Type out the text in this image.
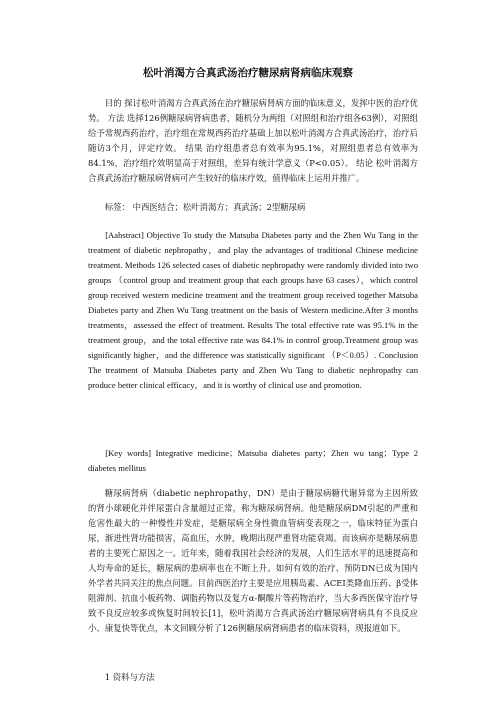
松叶消渴方合真武汤治疗糖尿病肾病临床观察
目的 探讨松叶消渴方合真武汤在治疗糖尿病肾病方面的临床意义，发挥中医的治疗优势。 方法 选择126例糖尿病肾病患者，随机分为两组（对照组和治疗组各63例），对照组给予常规西药治疗，治疗组在常规西药治疗基础上加以松叶消渴方合真武汤治疗，治疗后随访3个月，评定疗效。 结果 治疗组患者总有效率为95.1%，对照组患者总有效率为84.1%，治疗组疗效明显高于对照组，差异有统计学意义（P<0.05）。 结论 松叶消渴方合真武汤治疗糖尿病肾病可产生较好的临床疗效，值得临床上运用并推广。
标签： 中西医结合；松叶消渴方；真武汤；2型糖尿病
[Aabstract] Objective To study the Matsuba Diabetes party and the Zhen Wu Tang in the treatment of diabetic nephropathy，and play the advantages of traditional Chinese medicine treatment. Methods 126 selected cases of diabetic nephropathy were randomly divided into two groups （control group and treatment group that each groups have 63 cases），which control group received western medicine treatment and the treatment group received together Matsuba Diabetes party and Zhen Wu Tang treatment on the basis of Western medicine.After 3 months treatments，assessed the effect of treatment. Results The total effective rate was 95.1% in the treatment group，and the total effective rate was 84.1% in control group.Treatment group was significantly higher，and the difference was statistically significant （P＜0.05）. Conclusion The treatment of Matsuba Diabetes party and Zhen Wu Tang to diabetic nephropathy can produce better clinical efficacy，and it is worthy of clinical use and promotion.
[Key words] Integrative medicine；Matsuba diabetes party；Zhen wu tang；Type 2 diabetes mellitus
糖尿病肾病（diabetic nephropathy，DN）是由于糖尿病糖代谢异常为主因所致的肾小球硬化并伴尿蛋白含量超过正常，称为糖尿病肾病。他是糖尿病DM引起的严重和危害性最大的一种慢性并发症，是糖尿病全身性微血管病变表现之一，临床特征为蛋白尿，渐进性肾功能损害，高血压，水肿，晚期出现严重肾功能衰竭。而该病亦是糖尿病患者的主要死亡原因之一。近年来，随着我国社会经济的发展，人们生活水平的迅速提高和人均寿命的延长，糖尿病的患病率也在不断上升。如何有效的治疗、预防DN已成为国内外学者共同关注的焦点问题。目前西医治疗主要是应用胰岛素、ACEI类降血压药、β受体阻滞剂、抗血小板药物、调脂药物以及复方α-酮酸片等药物治疗，当大多西医保守治疗导致不良反应较多或恢复时间较长[1]，松叶消渴方合真武汤治疗糖尿病肾病具有不良反应小、康复快等优点，本文回顾分析了126例糖尿病肾病患者的临床资料，现报道如下。
1 资料与方法
